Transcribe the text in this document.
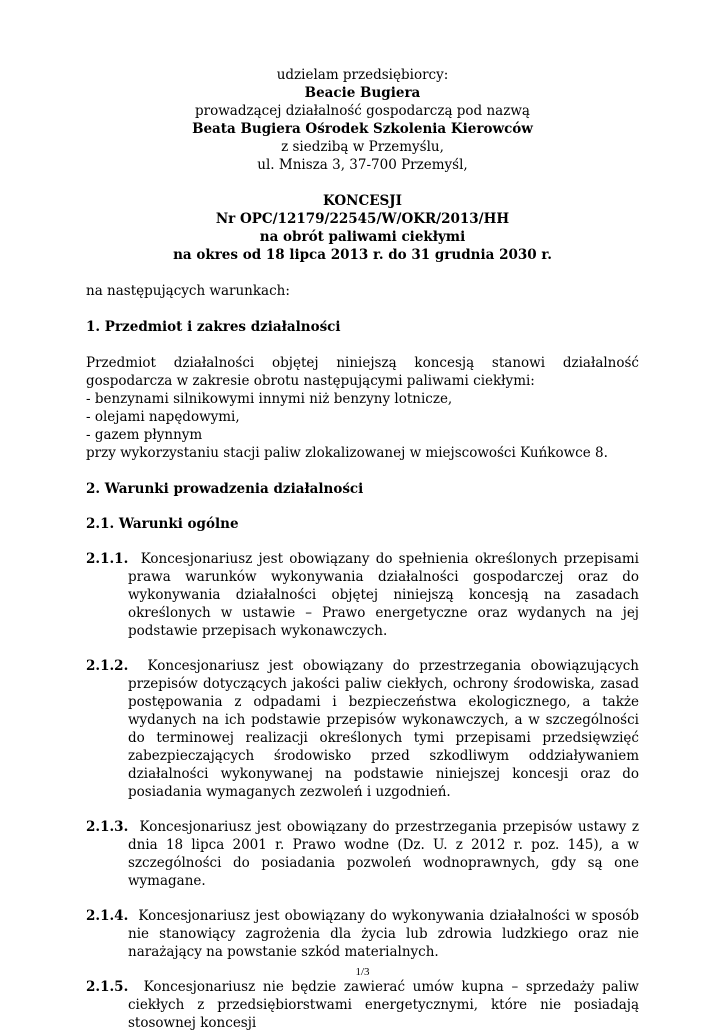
udzielam przedsiębiorcy:
Beacie Bugiera
prowadzącej działalność gospodarczą pod nazwą
Beata Bugiera Ośrodek Szkolenia Kierowców
z siedzibą w Przemyślu,
ul. Mnisza 3, 37-700 Przemyśl,
KONCESJI
Nr OPC/12179/22545/W/OKR/2013/HH
na obrót paliwami ciekłymi
na okres od 18 lipca 2013 r. do 31 grudnia 2030 r.

na następujących warunkach:

1. Przedmiot i zakres działalności

Przedmiot działalności objętej niniejszą koncesją stanowi działalność gospodarcza w zakresie obrotu następującymi paliwami ciekłymi:

- benzynami silnikowymi innymi niż benzyny lotnicze,

- olejami napędowymi,

- gazem płynnym

przy wykorzystaniu stacji paliw zlokalizowanej w miejscowości Kuńkowce 8.

2. Warunki prowadzenia działalności

2.1. Warunki ogólne

2.1.1. Koncesjonariusz jest obowiązany do spełnienia określonych przepisami prawa warunków wykonywania działalności gospodarczej oraz do wykonywania działalności objętej niniejszą koncesją na zasadach określonych w ustawie – Prawo energetyczne oraz wydanych na jej podstawie przepisach wykonawczych.

2.1.2. Koncesjonariusz jest obowiązany do przestrzegania obowiązujących przepisów dotyczących jakości paliw ciekłych, ochrony środowiska, zasad postępowania z odpadami i bezpieczeństwa ekologicznego, a także wydanych na ich podstawie przepisów wykonawczych, a w szczególności do terminowej realizacji określonych tymi przepisami przedsięwzięć zabezpieczających środowisko przed szkodliwym oddziaływaniem działalności wykonywanej na podstawie niniejszej koncesji oraz do posiadania wymaganych zezwoleń i uzgodnień.

2.1.3. Koncesjonariusz jest obowiązany do przestrzegania przepisów ustawy z dnia 18 lipca 2001 r. Prawo wodne (Dz. U. z 2012 r. poz. 145), a w szczególności do posiadania pozwoleń wodnoprawnych, gdy są one wymagane.

2.1.4. Koncesjonariusz jest obowiązany do wykonywania działalności w sposób nie stanowiący zagrożenia dla życia lub zdrowia ludzkiego oraz nie narażający na powstanie szkód materialnych.

2.1.5. Koncesjonariusz nie będzie zawierać umów kupna – sprzedaży paliw ciekłych z przedsiębiorstwami energetycznymi, które nie posiadają stosownej koncesji

1/3
